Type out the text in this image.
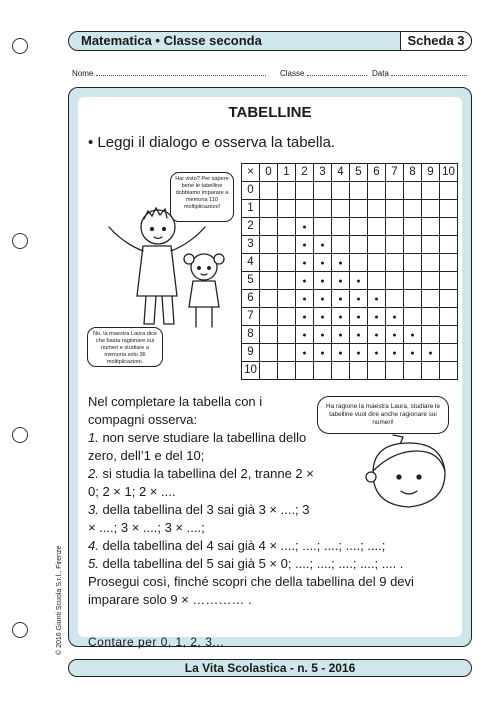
Matematica • Classe seconda	Scheda 3
Nome	Classe	Data
TABELLINE
• Leggi il dialogo e osserva la tabella.
Hai visto? Per sapere bene le tabelline dobbiamo imparare a memoria 110 moltiplicazioni!
No, la maestra Laura dice che basta ragionare sui numeri e studiare a memoria solo 36 moltiplicazioni.
×	0	1	2	3	4	5	6	7	8	9	10
0											
1											
2			●								
3			●	●							
4			●	●	●						
5			●	●	●	●					
6			●	●	●	●	●				
7			●	●	●	●	●	●			
8			●	●	●	●	●	●	●		
9			●	●	●	●	●	●	●	●	
10											
Ha ragione la maestra Laura, studiare le tabelline vuol dire anche ragionare sui numeri!

Nel completare la tabella con i compagni osserva:

1. non serve studiare la tabellina dello zero, dell’1 e del 10;

2. si studia la tabellina del 2, tranne 2 × 0; 2 × 1; 2 × ....

3. della tabellina del 3 sai già 3 × ....; 3 × ....; 3 × ....; 3 × ....;

4. della tabellina del 4 sai già 4 × ....; ....; ....; ....; ....;

5. della tabellina del 5 sai già 5 × 0; ....; ....; ....; ....; .... .

Prosegui così, finché scopri che della tabellina del 9 devi imparare solo 9 × ………… .

Contare per 0, 1, 2, 3...
© 2016 Giunti Scuola S.r.l., Firenze
La Vita Scolastica - n. 5 - 2016
